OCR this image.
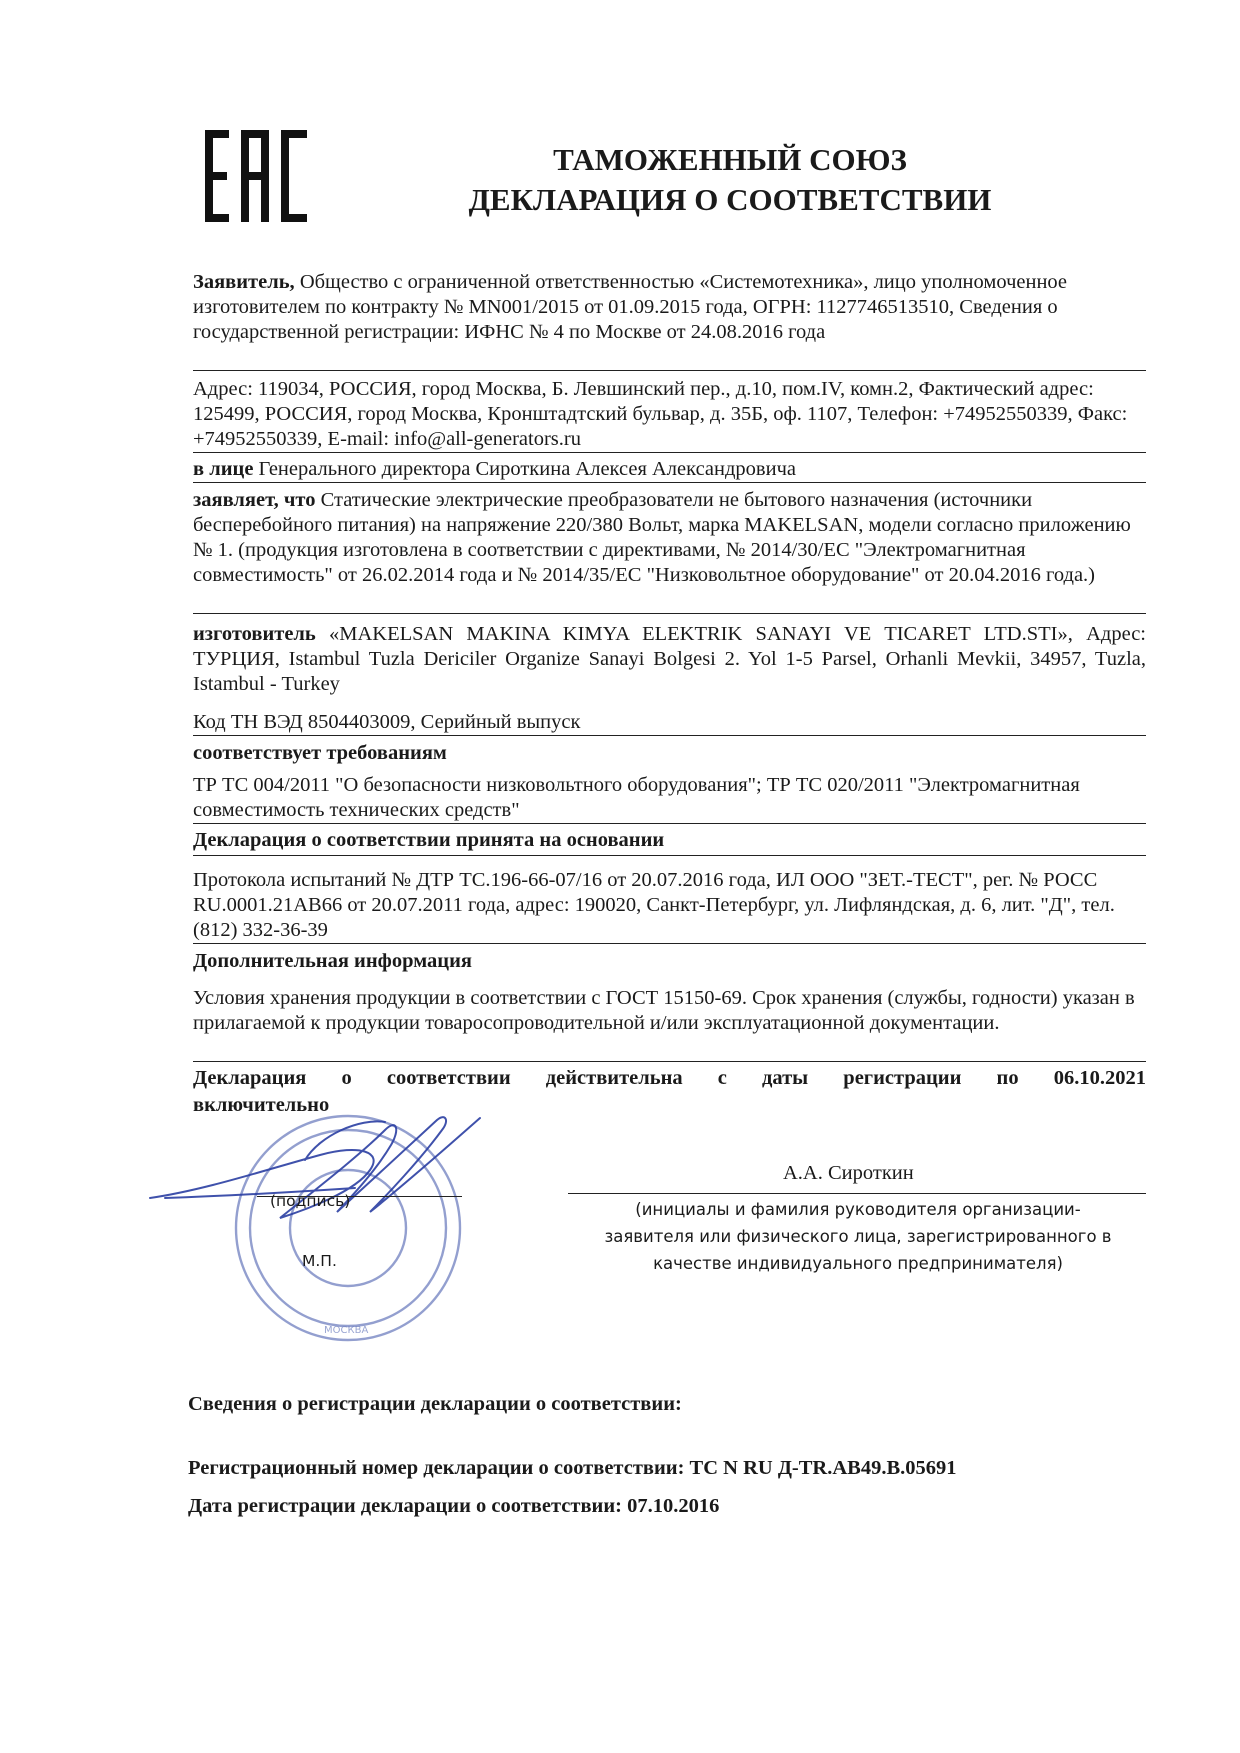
ТАМОЖЕННЫЙ СОЮЗ
ДЕКЛАРАЦИЯ О СООТВЕТСТВИИ
Заявитель, Общество с ограниченной ответственностью «Системотехника», лицо уполномоченное изготовителем по контракту № MN001/2015 от 01.09.2015 года, ОГРН: 1127746513510, Сведения о государственной регистрации: ИФНС № 4 по Москве от 24.08.2016 года
Адрес: 119034, РОССИЯ, город Москва, Б. Левшинский пер., д.10, пом.IV, комн.2, Фактический адрес: 125499, РОССИЯ, город Москва, Кронштадтский бульвар, д. 35Б, оф. 1107, Телефон: +74952550339, Факс: +74952550339, E-mail: info@all-generators.ru
в лице Генерального директора Сироткина Алексея Александровича
заявляет, что Статические электрические преобразователи не бытового назначения (источники бесперебойного питания) на напряжение 220/380 Вольт, марка MAKELSAN, модели согласно приложению № 1. (продукция изготовлена в соответствии с директивами, № 2014/30/ЕС "Электромагнитная совместимость" от 26.02.2014 года и № 2014/35/ЕС "Низковольтное оборудование" от 20.04.2016 года.)
изготовитель «MAKELSAN MAKINA KIMYA ELEKTRIK SANAYI VE TICARET LTD.STI», Адрес: ТУРЦИЯ, Istambul Tuzla Dericiler Organize Sanayi Bolgesi 2. Yol 1-5 Parsel, Orhanli Mevkii, 34957, Tuzla, Istambul - Turkey
Код ТН ВЭД 8504403009, Серийный выпуск
соответствует требованиям
ТР ТС 004/2011 "О безопасности низковольтного оборудования"; ТР ТС 020/2011 "Электромагнитная совместимость технических средств"
Декларация о соответствии принята на основании
Протокола испытаний № ДТР ТС.196-66-07/16 от 20.07.2016 года, ИЛ ООО "ЗЕТ.-ТЕСТ", рег. № РОСС RU.0001.21АВ66 от 20.07.2011 года, адрес: 190020, Санкт-Петербург, ул. Лифляндская, д. 6, лит. "Д", тел. (812) 332-36-39
Дополнительная информация
Условия хранения продукции в соответствии с ГОСТ 15150-69. Срок хранения (службы, годности) указан в прилагаемой к продукции товаросопроводительной и/или эксплуатационной документации.
Декларация о соответствии действительна с даты регистрации по 06.10.2021
включительно
МОСКВА
(подпись)
М.П.
А.А. Сироткин
(инициалы и фамилия руководителя организации-
заявителя или физического лица, зарегистрированного в
качестве индивидуального предпринимателя)
Сведения о регистрации декларации о соответствии:
Регистрационный номер декларации о соответствии: ТС N RU Д-TR.АВ49.В.05691
Дата регистрации декларации о соответствии: 07.10.2016
